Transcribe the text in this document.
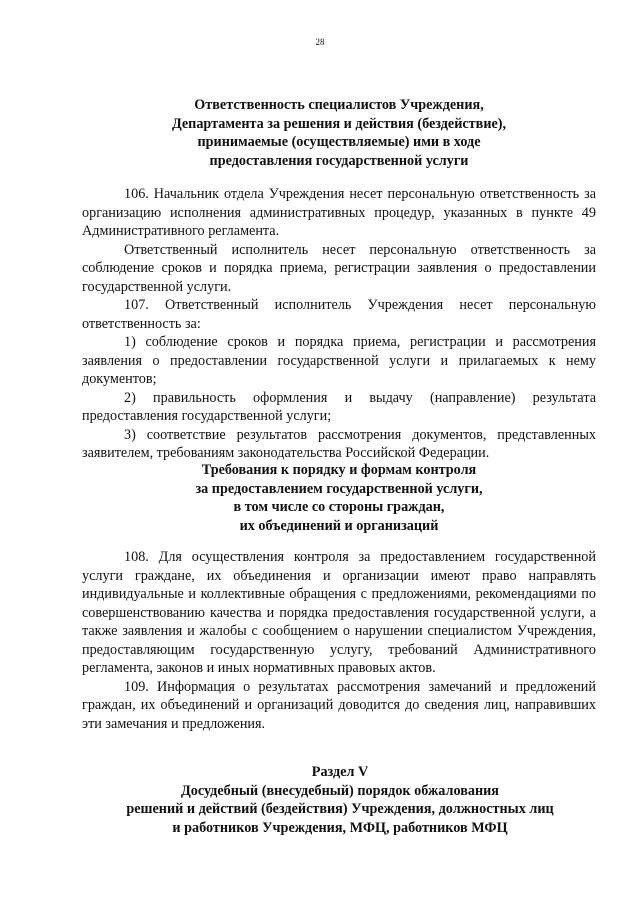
28
Ответственность специалистов Учреждения,
Департамента за решения и действия (бездействие),
принимаемые (осуществляемые) ими в ходе
предоставления государственной услуги

106. Начальник отдела Учреждения несет персональную ответственность за организацию исполнения административных процедур, указанных в пункте 49 Административного регламента.

Ответственный исполнитель несет персональную ответственность за соблюдение сроков и порядка приема, регистрации заявления о предоставлении государственной услуги.

107. Ответственный исполнитель Учреждения несет персональную ответственность за:

1) соблюдение сроков и порядка приема, регистрации и рассмотрения заявления о предоставлении государственной услуги и прилагаемых к нему документов;

2) правильность оформления и выдачу (направление) результата предоставления государственной услуги;

3) соответствие результатов рассмотрения документов, представленных заявителем, требованиям законодательства Российской Федерации.

Требования к порядку и формам контроля
за предоставлением государственной услуги,
в том числе со стороны граждан,
их объединений и организаций

108. Для осуществления контроля за предоставлением государственной услуги граждане, их объединения и организации имеют право направлять индивидуальные и коллективные обращения с предложениями, рекомендациями по совершенствованию качества и порядка предоставления государственной услуги, а также заявления и жалобы с сообщением о нарушении специалистом Учреждения, предоставляющим государственную услугу, требований Административного регламента, законов и иных нормативных правовых актов.

109. Информация о результатах рассмотрения замечаний и предложений граждан, их объединений и организаций доводится до сведения лиц, направивших эти замечания и предложения.

Раздел V
Досудебный (внесудебный) порядок обжалования
решений и действий (бездействия) Учреждения, должностных лиц
и работников Учреждения, МФЦ, работников МФЦ
